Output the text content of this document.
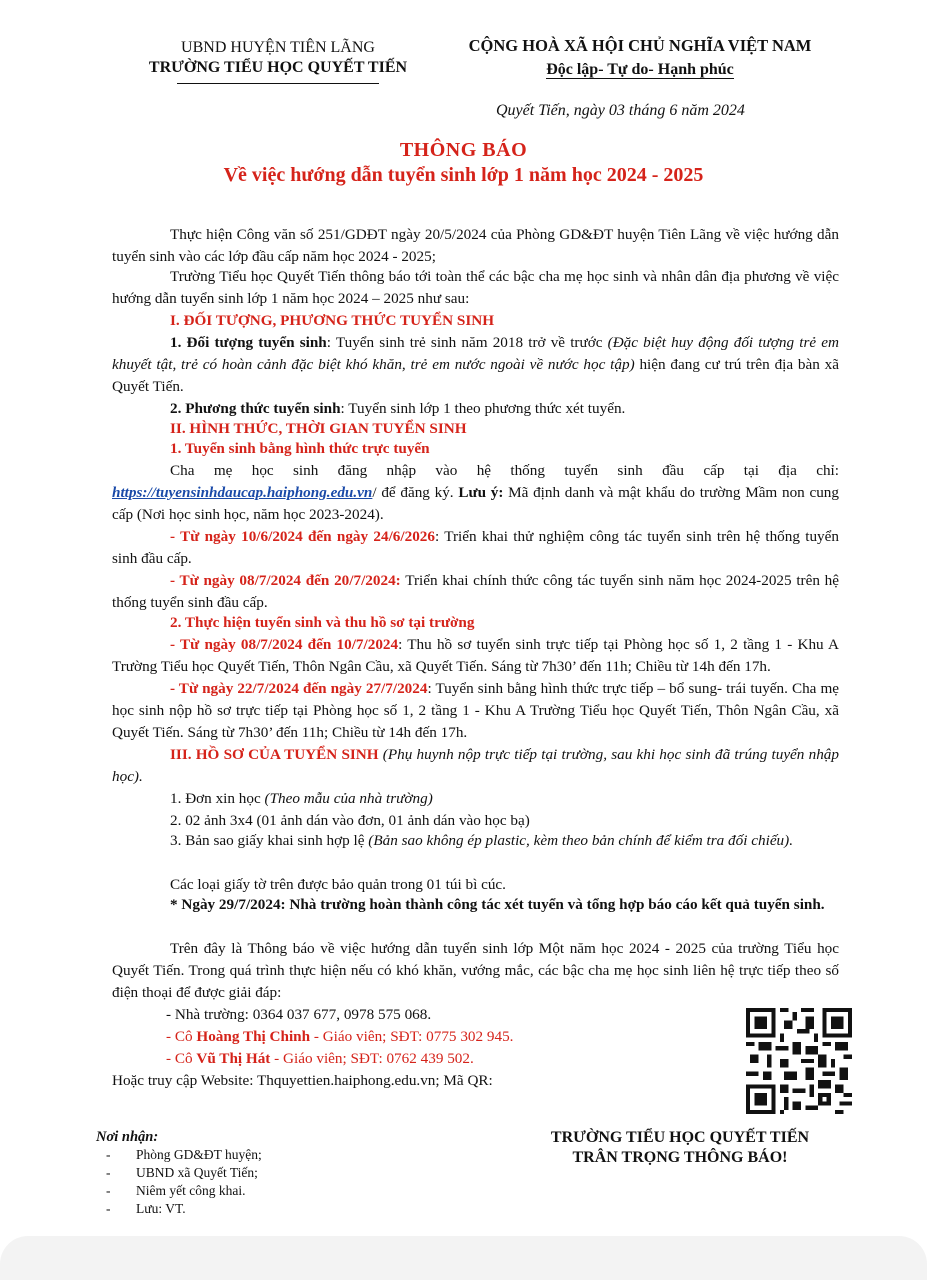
UBND HUYỆN TIÊN LÃNG
TRƯỜNG TIỂU HỌC QUYẾT TIẾN
CỘNG HOÀ XÃ HỘI CHỦ NGHĨA VIỆT NAM
Độc lập- Tự do- Hạnh phúc
Quyết Tiến, ngày 03 tháng 6 năm 2024
THÔNG BÁO
Về việc hướng dẫn tuyển sinh lớp 1 năm học 2024 - 2025
Thực hiện Công văn số 251/GDĐT ngày 20/5/2024 của Phòng GD&ĐT huyện Tiên Lãng về việc hướng dẫn tuyển sinh vào các lớp đầu cấp năm học 2024 - 2025;
Trường Tiểu học Quyết Tiến thông báo tới toàn thể các bậc cha mẹ học sinh và nhân dân địa phương về việc hướng dẫn tuyển sinh lớp 1 năm học 2024 – 2025 như sau:
I. ĐỐI TƯỢNG, PHƯƠNG THỨC TUYỂN SINH
1. Đối tượng tuyển sinh: Tuyển sinh trẻ sinh năm 2018 trở về trước (Đặc biệt huy động đối tượng trẻ em khuyết tật, trẻ có hoàn cảnh đặc biệt khó khăn, trẻ em nước ngoài về nước học tập) hiện đang cư trú trên địa bàn xã Quyết Tiến.
2. Phương thức tuyển sinh: Tuyển sinh lớp 1 theo phương thức xét tuyển.
II. HÌNH THỨC, THỜI GIAN TUYỂN SINH
1. Tuyển sinh bằng hình thức trực tuyến
Cha mẹ học sinh đăng nhập vào hệ thống tuyển sinh đầu cấp tại địa chỉ: https://tuyensinhdaucap.haiphong.edu.vn/ để đăng ký. Lưu ý: Mã định danh và mật khẩu do trường Mầm non cung cấp (Nơi học sinh học, năm học 2023-2024).
- Từ ngày 10/6/2024 đến ngày 24/6/2026: Triển khai thử nghiệm công tác tuyển sinh trên hệ thống tuyển sinh đầu cấp.
- Từ ngày 08/7/2024 đến 20/7/2024: Triển khai chính thức công tác tuyển sinh năm học 2024-2025 trên hệ thống tuyển sinh đầu cấp.
2. Thực hiện tuyển sinh và thu hồ sơ tại trường
- Từ ngày 08/7/2024 đến 10/7/2024: Thu hồ sơ tuyển sinh trực tiếp tại Phòng học số 1, 2 tầng 1 - Khu A Trường Tiểu học Quyết Tiến, Thôn Ngân Cầu, xã Quyết Tiến. Sáng từ 7h30’ đến 11h; Chiều từ 14h đến 17h.
- Từ ngày 22/7/2024 đến ngày 27/7/2024: Tuyển sinh bằng hình thức trực tiếp – bổ sung- trái tuyến. Cha mẹ học sinh nộp hồ sơ trực tiếp tại Phòng học số 1, 2 tầng 1 - Khu A Trường Tiểu học Quyết Tiến, Thôn Ngân Cầu, xã Quyết Tiến. Sáng từ 7h30’ đến 11h; Chiều từ 14h đến 17h.
III. HỒ SƠ CỦA TUYỂN SINH (Phụ huynh nộp trực tiếp tại trường, sau khi học sinh đã trúng tuyển nhập học).
1. Đơn xin học (Theo mẫu của nhà trường)
2. 02 ảnh 3x4 (01 ảnh dán vào đơn, 01 ảnh dán vào học bạ)
3. Bản sao giấy khai sinh hợp lệ (Bản sao không ép plastic, kèm theo bản chính để kiểm tra đối chiếu).
Các loại giấy tờ trên được bảo quản trong 01 túi bì cúc.
* Ngày 29/7/2024: Nhà trường hoàn thành công tác xét tuyển và tổng hợp báo cáo kết quả tuyển sinh.
Trên đây là Thông báo về việc hướng dẫn tuyển sinh lớp Một năm học 2024 - 2025 của trường Tiểu học Quyết Tiến. Trong quá trình thực hiện nếu có khó khăn, vướng mắc, các bậc cha mẹ học sinh liên hệ trực tiếp theo số điện thoại để được giải đáp:
- Nhà trường: 0364 037 677, 0978 575 068.
- Cô Hoàng Thị Chinh - Giáo viên; SĐT: 0775 302 945.
- Cô Vũ Thị Hát - Giáo viên; SĐT: 0762 439 502.
Hoặc truy cập Website: Thquyettien.haiphong.edu.vn; Mã QR:
Nơi nhận:
- Phòng GD&ĐT huyện;
- UBND xã Quyết Tiến;
- Niêm yết công khai.
- Lưu: VT.
TRƯỜNG TIỂU HỌC QUYẾT TIẾN
TRÂN TRỌNG THÔNG BÁO!
